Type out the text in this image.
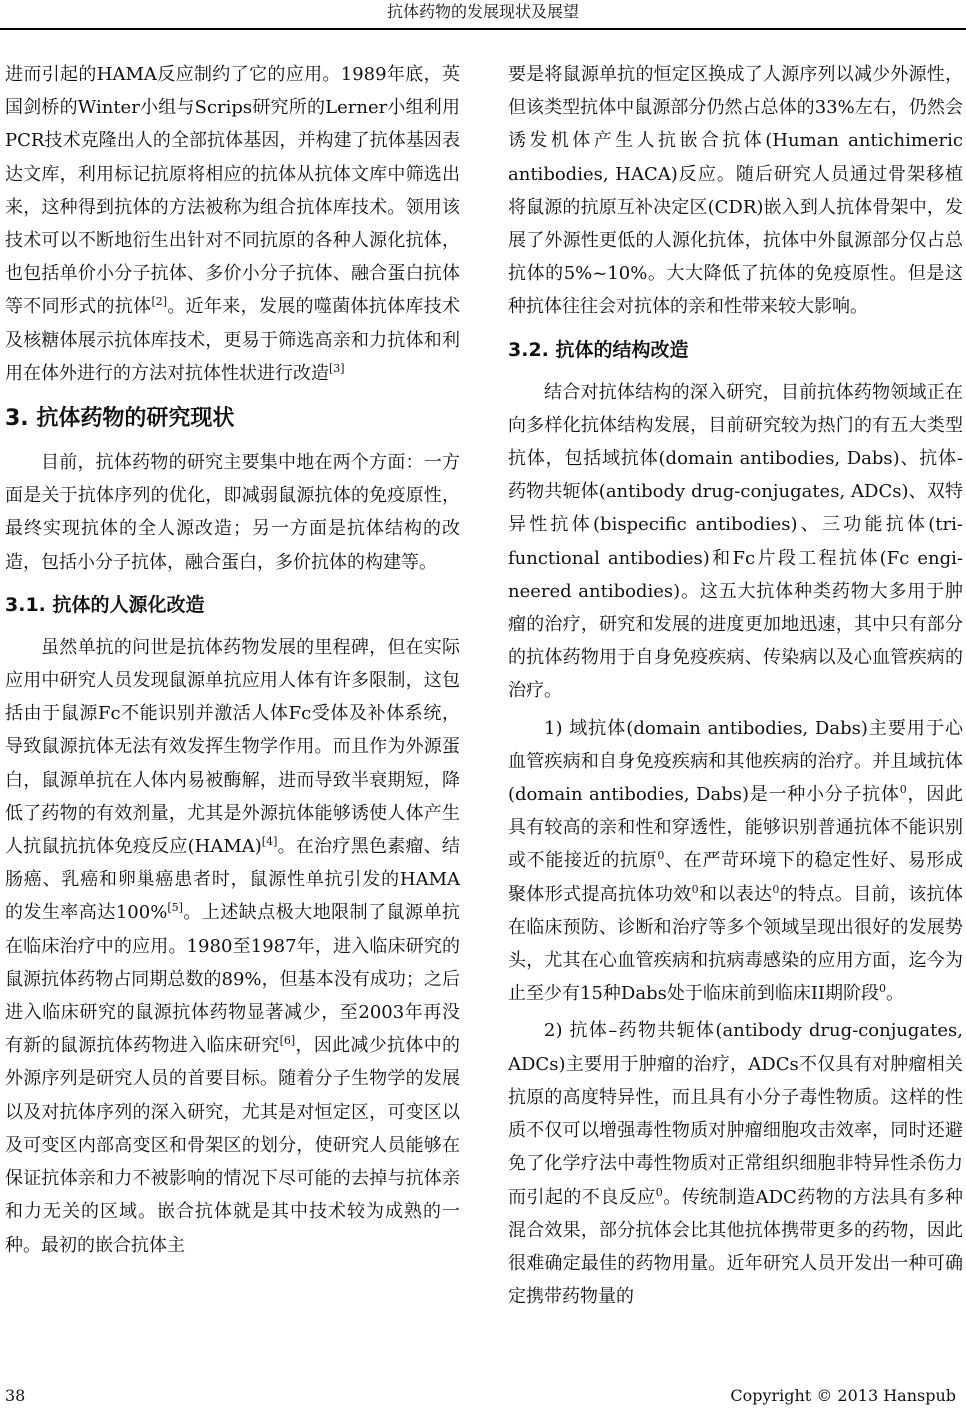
抗体药物的发展现状及展望

进而引起的HAMA反应制约了它的应用。1989年底，英国剑桥的Winter小组与Scrips研究所的Lerner小组利用PCR技术克隆出人的全部抗体基因，并构建了抗体基因表达文库，利用标记抗原将相应的抗体从抗体文库中筛选出来，这种得到抗体的方法被称为组合抗体库技术。领用该技术可以不断地衍生出针对不同抗原的各种人源化抗体，也包括单价小分子抗体、多价小分子抗体、融合蛋白抗体等不同形式的抗体[2]。近年来，发展的噬菌体抗体库技术及核糖体展示抗体库技术，更易于筛选高亲和力抗体和利用在体外进行的方法对抗体性状进行改造[3]

3. 抗体药物的研究现状

目前，抗体药物的研究主要集中地在两个方面：一方面是关于抗体序列的优化，即减弱鼠源抗体的免疫原性，最终实现抗体的全人源改造；另一方面是抗体结构的改造，包括小分子抗体，融合蛋白，多价抗体的构建等。

3.1. 抗体的人源化改造

虽然单抗的问世是抗体药物发展的里程碑，但在实际应用中研究人员发现鼠源单抗应用人体有许多限制，这包括由于鼠源Fc不能识别并激活人体Fc受体及补体系统，导致鼠源抗体无法有效发挥生物学作用。而且作为外源蛋白，鼠源单抗在人体内易被酶解，进而导致半衰期短，降低了药物的有效剂量，尤其是外源抗体能够诱使人体产生人抗鼠抗抗体免疫反应(HAMA)[4]。在治疗黑色素瘤、结肠癌、乳癌和卵巢癌患者时，鼠源性单抗引发的HAMA的发生率高达100%[5]。上述缺点极大地限制了鼠源单抗在临床治疗中的应用。1980至1987年，进入临床研究的鼠源抗体药物占同期总数的89%，但基本没有成功；之后进入临床研究的鼠源抗体药物显著减少，至2003年再没有新的鼠源抗体药物进入临床研究[6]，因此减少抗体中的外源序列是研究人员的首要目标。随着分子生物学的发展以及对抗体序列的深入研究，尤其是对恒定区，可变区以及可变区内部高变区和骨架区的划分，使研究人员能够在保证抗体亲和力不被影响的情况下尽可能的去掉与抗体亲和力无关的区域。嵌合抗体就是其中技术较为成熟的一种。最初的嵌合抗体主

要是将鼠源单抗的恒定区换成了人源序列以减少外源性，但该类型抗体中鼠源部分仍然占总体的33%左右，仍然会诱发机体产生人抗嵌合抗体(Human antichimeric antibodies, HACA)反应。随后研究人员通过骨架移植将鼠源的抗原互补决定区(CDR)嵌入到人抗体骨架中，发展了外源性更低的人源化抗体，抗体中外鼠源部分仅占总抗体的5%~10%。大大降低了抗体的免疫原性。但是这种抗体往往会对抗体的亲和性带来较大影响。

3.2. 抗体的结构改造

结合对抗体结构的深入研究，目前抗体药物领域正在向多样化抗体结构发展，目前研究较为热门的有五大类型抗体，包括域抗体(domain antibodies, Dabs)、抗体-药物共轭体(antibody drug-conjugates, ADCs)、双特异性抗体(bispecific antibodies)、三功能抗体(trifunctional antibodies)和Fc片段工程抗体(Fc engineered antibodies)。这五大抗体种类药物大多用于肿瘤的治疗，研究和发展的进度更加地迅速，其中只有部分的抗体药物用于自身免疫疾病、传染病以及心血管疾病的治疗。

1) 域抗体(domain antibodies, Dabs)主要用于心血管疾病和自身免疫疾病和其他疾病的治疗。并且域抗体(domain antibodies, Dabs)是一种小分子抗体$^0$，因此具有较高的亲和性和穿透性，能够识别普通抗体不能识别或不能接近的抗原$^0$、在严苛环境下的稳定性好、易形成聚体形式提高抗体功效$^0$和以表达$^0$的特点。目前，该抗体在临床预防、诊断和治疗等多个领域呈现出很好的发展势头，尤其在心血管疾病和抗病毒感染的应用方面，迄今为止至少有15种Dabs处于临床前到临床II期阶段$^0$。

2) 抗体–药物共轭体(antibody drug-conjugates, ADCs)主要用于肿瘤的治疗，ADCs不仅具有对肿瘤相关抗原的高度特异性，而且具有小分子毒性物质。这样的性质不仅可以增强毒性物质对肿瘤细胞攻击效率，同时还避免了化学疗法中毒性物质对正常组织细胞非特异性杀伤力而引起的不良反应$^0$。传统制造ADC药物的方法具有多种混合效果，部分抗体会比其他抗体携带更多的药物，因此很难确定最佳的药物用量。近年研究人员开发出一种可确定携带药物量的

38	Copyright © 2013 Hanspub
